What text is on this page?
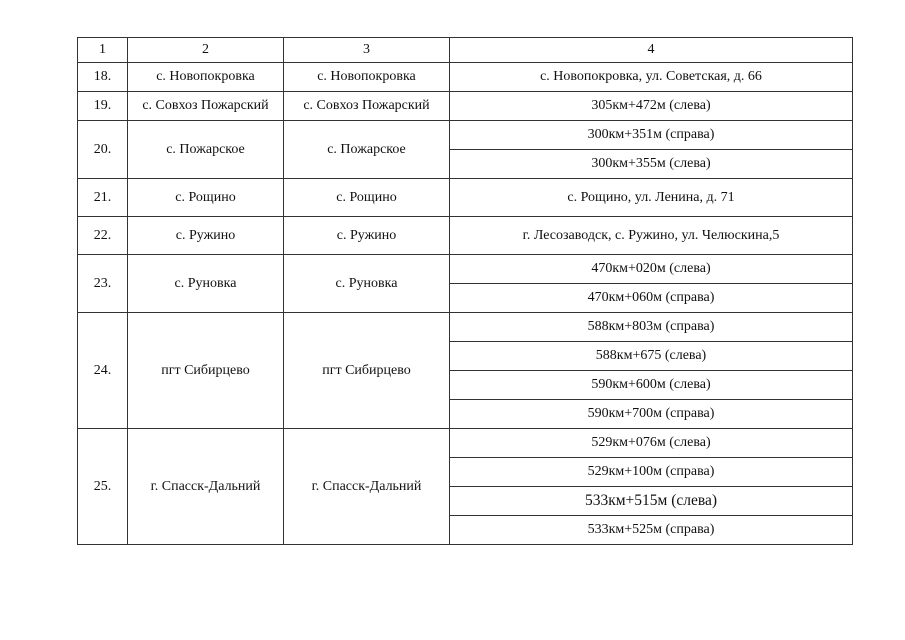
1	2	3	4
18.	с. Новопокровка	с. Новопокровка	с. Новопокровка, ул. Советская, д. 66
19.	с. Совхоз Пожарский	с. Совхоз Пожарский	305км+472м (слева)
20.	с. Пожарское	с. Пожарское	300км+351м (справа)
			300км+355м (слева)
21.	с. Рощино	с. Рощино	с. Рощино, ул. Ленина, д. 71
22.	с. Ружино	с. Ружино	г. Лесозаводск, с. Ружино, ул. Челюскина,5
23.	с. Руновка	с. Руновка	470км+020м (слева)
			470км+060м (справа)
24.	пгт Сибирцево	пгт Сибирцево	588км+803м (справа)
			588км+675 (слева)
			590км+600м (слева)
			590км+700м (справа)
25.	г. Спасск-Дальний	г. Спасск-Дальний	529км+076м (слева)
			529км+100м (справа)
			533км+515м (слева)
			533км+525м (справа)
